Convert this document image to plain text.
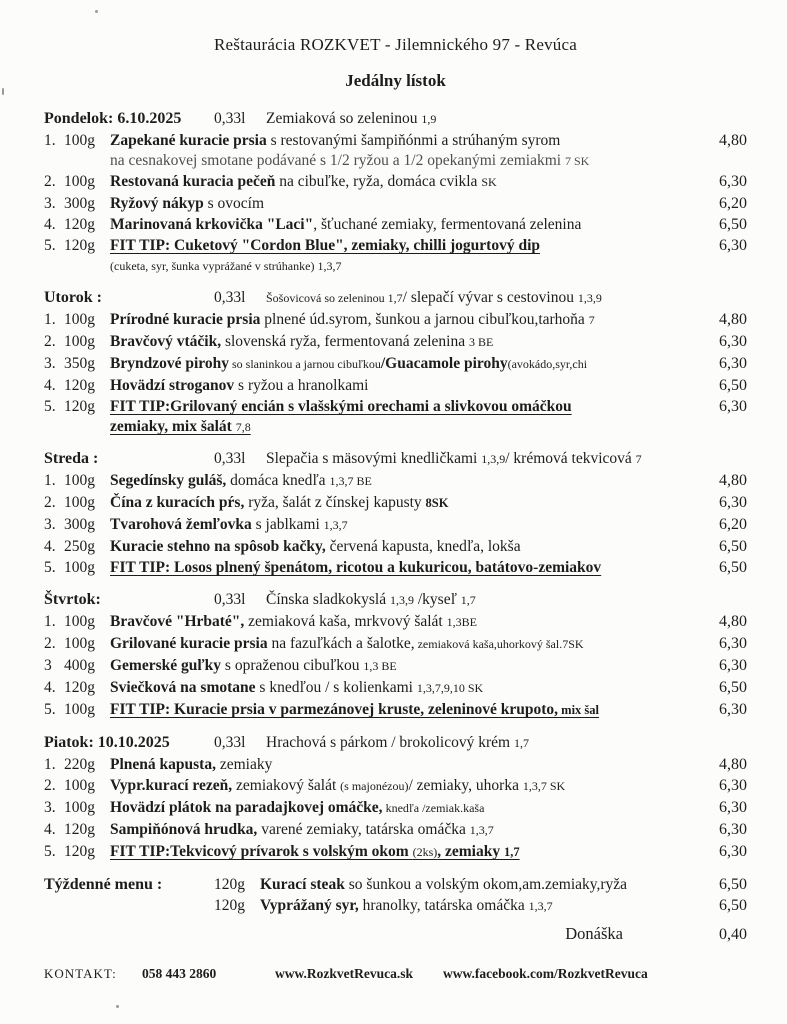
Reštaurácia ROZKVET - Jilemnického 97 - Revúca
Jedálny lístok
Pondelok: 6.10.2025	0,33l	Zemiaková so zeleninou 1,9
1. 100g Zapekané kuracie prsia s restovanými šampiňónmi a strúhaným syrom	4,80
na cesnakovej smotane podávané s 1/2 ryžou a 1/2 opekanými zemiakmi 7 SK
2. 100g Restovaná kuracia pečeň na cibuľke, ryža, domáca cvikla SK	6,30
3. 300g Ryžový nákyp s ovocím	6,20
4. 120g Marinovaná krkovička "Laci", šťuchané zemiaky, fermentovaná zelenina	6,50
5. 120g FIT TIP: Cuketový "Cordon Blue", zemiaky, chilli jogurtový dip	6,30
(cuketa, syr, šunka vyprážané v strúhanke) 1,3,7
Utorok :	0,33l	Šošovicová so zeleninou 1,7/ slepačí vývar s cestovinou 1,3,9
1. 100g Prírodné kuracie prsia plnené úd.syrom, šunkou a jarnou cibuľkou,tarhoňa 7	4,80
2. 100g Bravčový vtáčik, slovenská ryža, fermentovaná zelenina 3 BE	6,30
3. 350g Bryndzové pirohy so slaninkou a jarnou cibuľkou/Guacamole pirohy(avokádo,syr,chi	6,30
4. 120g Hovädzí stroganov s ryžou a hranolkami	6,50
5. 120g FIT TIP:Grilovaný encián s vlašskými orechami a slivkovou omáčkou	6,30
zemiaky, mix šalát 7,8
Streda :	0,33l	Slepačia s mäsovými knedličkami 1,3,9/ krémová tekvicová 7
1. 100g Segedínsky guláš, domáca knedľa 1,3,7 BE	4,80
2. 100g Čína z kuracích pŕs, ryža, šalát z čínskej kapusty 8SK	6,30
3. 300g Tvarohová žemľovka s jablkami 1,3,7	6,20
4. 250g Kuracie stehno na spôsob kačky, červená kapusta, knedľa, lokša	6,50
5. 100g FIT TIP: Losos plnený špenátom, ricotou a kukuricou, batátovo-zemiakov	6,50
Štvrtok:	0,33l	Čínska sladkokyslá 1,3,9 /kyseľ 1,7
1. 100g Bravčové "Hrbaté", zemiaková kaša, mrkvový šalát 1,3BE	4,80
2. 100g Grilované kuracie prsia na fazuľkách a šalotke, zemiaková kaša,uhorkový šal.7SK	6,30
3 400g Gemerské guľky s opraženou cibuľkou 1,3 BE	6,30
4. 120g Sviečková na smotane s knedľou / s kolienkami 1,3,7,9,10 SK	6,50
5. 100g FIT TIP: Kuracie prsia v parmezánovej kruste, zeleninové krupoto, mix šal	6,30
Piatok: 10.10.2025	0,33l	Hrachová s párkom / brokolicový krém 1,7
1. 220g Plnená kapusta, zemiaky	4,80
2. 100g Vypr.kurací rezeň, zemiakový šalát (s majonézou)/ zemiaky, uhorka 1,3,7 SK	6,30
3. 100g Hovädzí plátok na paradajkovej omáčke, knedľa /zemiak.kaša	6,30
4. 120g Sampiňónová hrudka, varené zemiaky, tatárska omáčka 1,3,7	6,30
5. 120g FIT TIP:Tekvicový prívarok s volským okom (2ks), zemiaky 1,7	6,30
Týždenné menu :	120g Kurací steak so šunkou a volským okom,am.zemiaky,ryža	6,50
120g Vyprážaný syr, hranolky, tatárska omáčka 1,3,7	6,50
Donáška	0,40
KONTAKT:	058 443 2860	www.RozkvetRevuca.sk www.facebook.com/RozkvetRevuca
